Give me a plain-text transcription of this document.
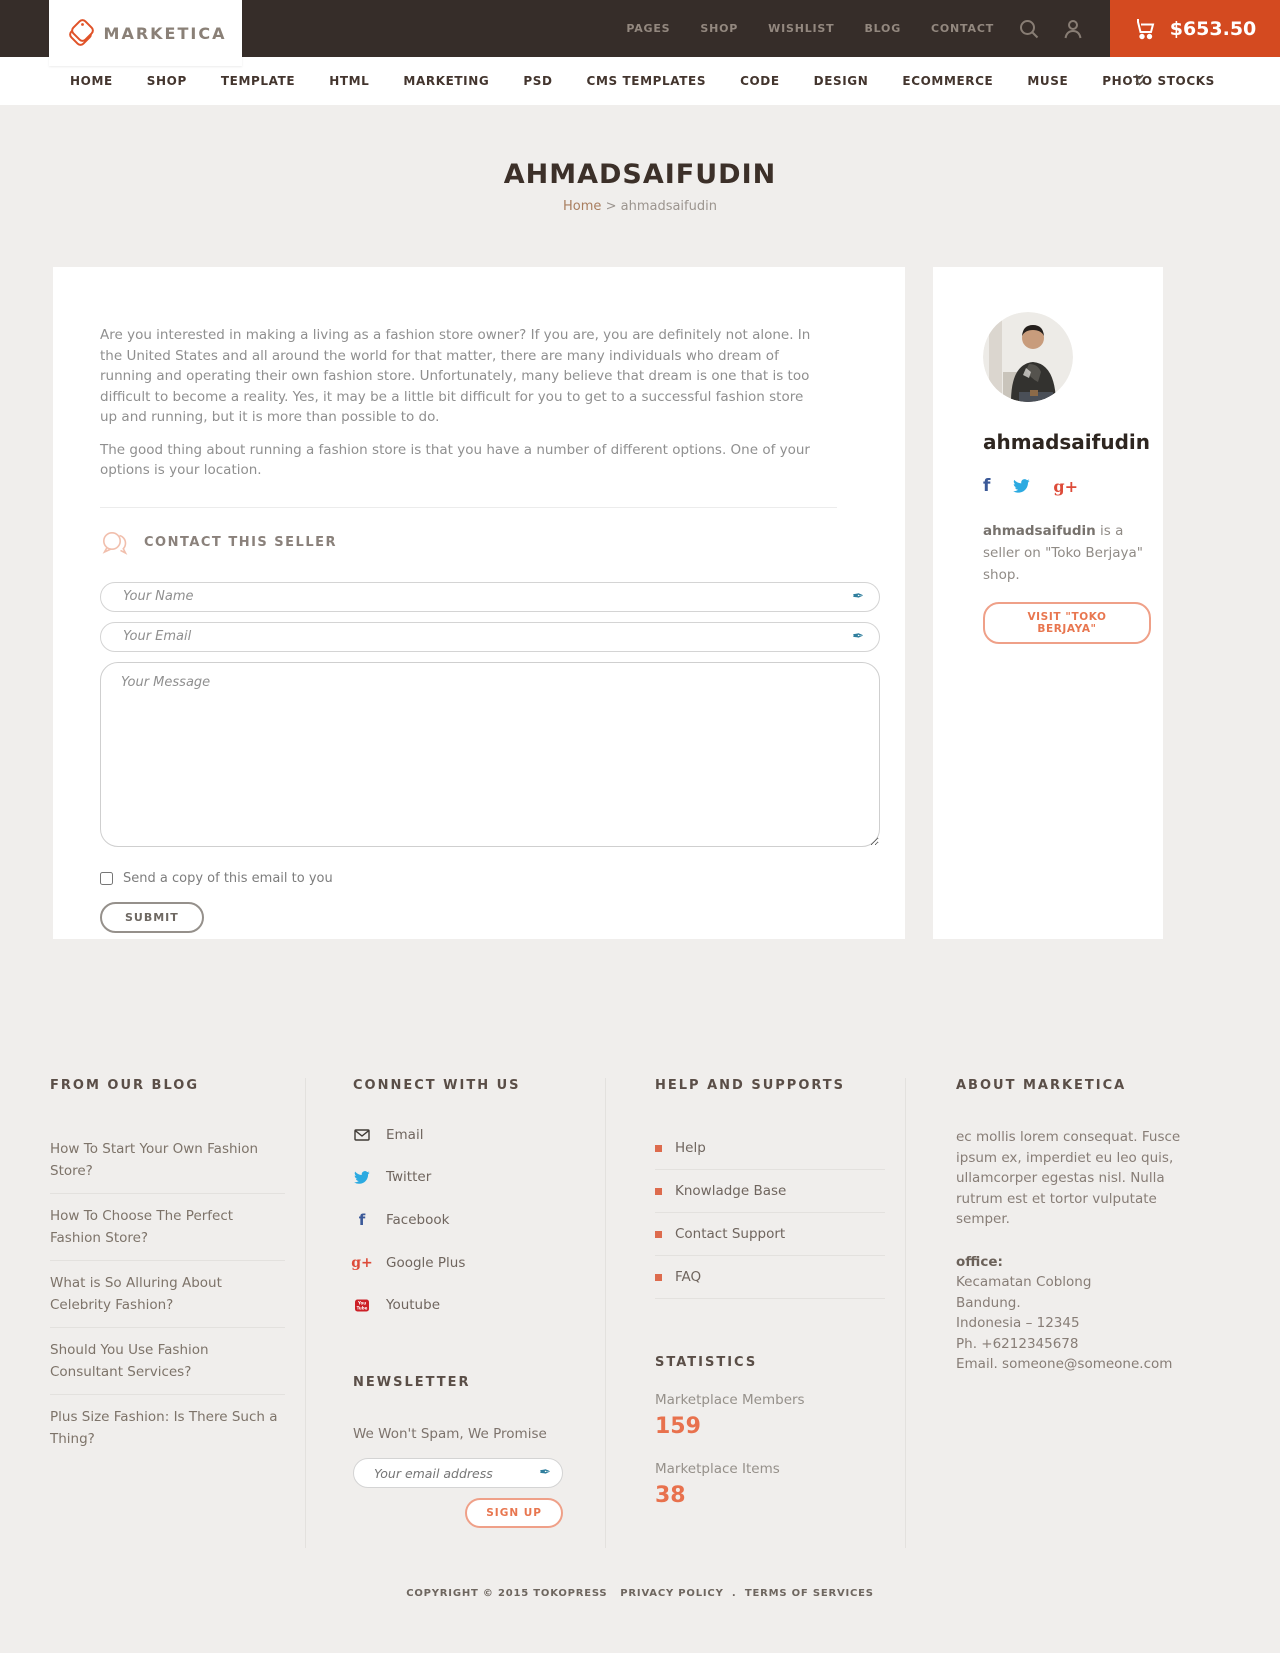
MARKETICA	PAGES	SHOP	WISHLIST	BLOG	CONTACT	$653.50
HOME	SHOP	TEMPLATE	HTML	MARKETING	PSD	CMS TEMPLATES	CODE	DESIGN	ECOMMERCE	MUSE	PHOTO STOCKS
AHMADSAIFUDIN
Home > ahmadsaifudin

Are you interested in making a living as a fashion store owner? If you are, you are definitely not alone. In the United States and all around the world for that matter, there are many individuals who dream of running and operating their own fashion store. Unfortunately, many believe that dream is one that is too difficult to become a reality. Yes, it may be a little bit difficult for you to get to a successful fashion store up and running, but it is more than possible to do.

The good thing about running a fashion store is that you have a number of different options. One of your options is your location.

CONTACT THIS SELLER
Your Name
✒
Your Email
✒
Your Message
Send a copy of this email to you
SUBMIT
ahmadsaifudin
f	g+
ahmadsaifudin is a seller on "Toko Berjaya" shop.
VISIT "TOKO BERJAYA"
FROM OUR BLOG
How To Start Your Own Fashion Store?
How To Choose The Perfect Fashion Store?
What is So Alluring About Celebrity Fashion?
Should You Use Fashion Consultant Services?
Plus Size Fashion: Is There Such a Thing?
CONNECT WITH US
Email
Twitter
f	Facebook
g+ Google Plus
You
Tube Youtube
NEWSLETTER
We Won't Spam, We Promise
Your email address
✒
SIGN UP
HELP AND SUPPORTS
Help
Knowladge Base
Contact Support
FAQ
STATISTICS
Marketplace Members
159
Marketplace Items
38
ABOUT MARKETICA
ec mollis lorem consequat. Fusce ipsum ex, imperdiet eu leo quis, ullamcorper egestas nisl. Nulla rutrum est et tortor vulputate semper.
office:
Kecamatan Coblong
Bandung.
Indonesia – 12345
Ph. +6212345678
Email. someone@someone.com
COPYRIGHT © 2015 TOKOPRESS PRIVACY POLICY . TERMS OF SERVICES
